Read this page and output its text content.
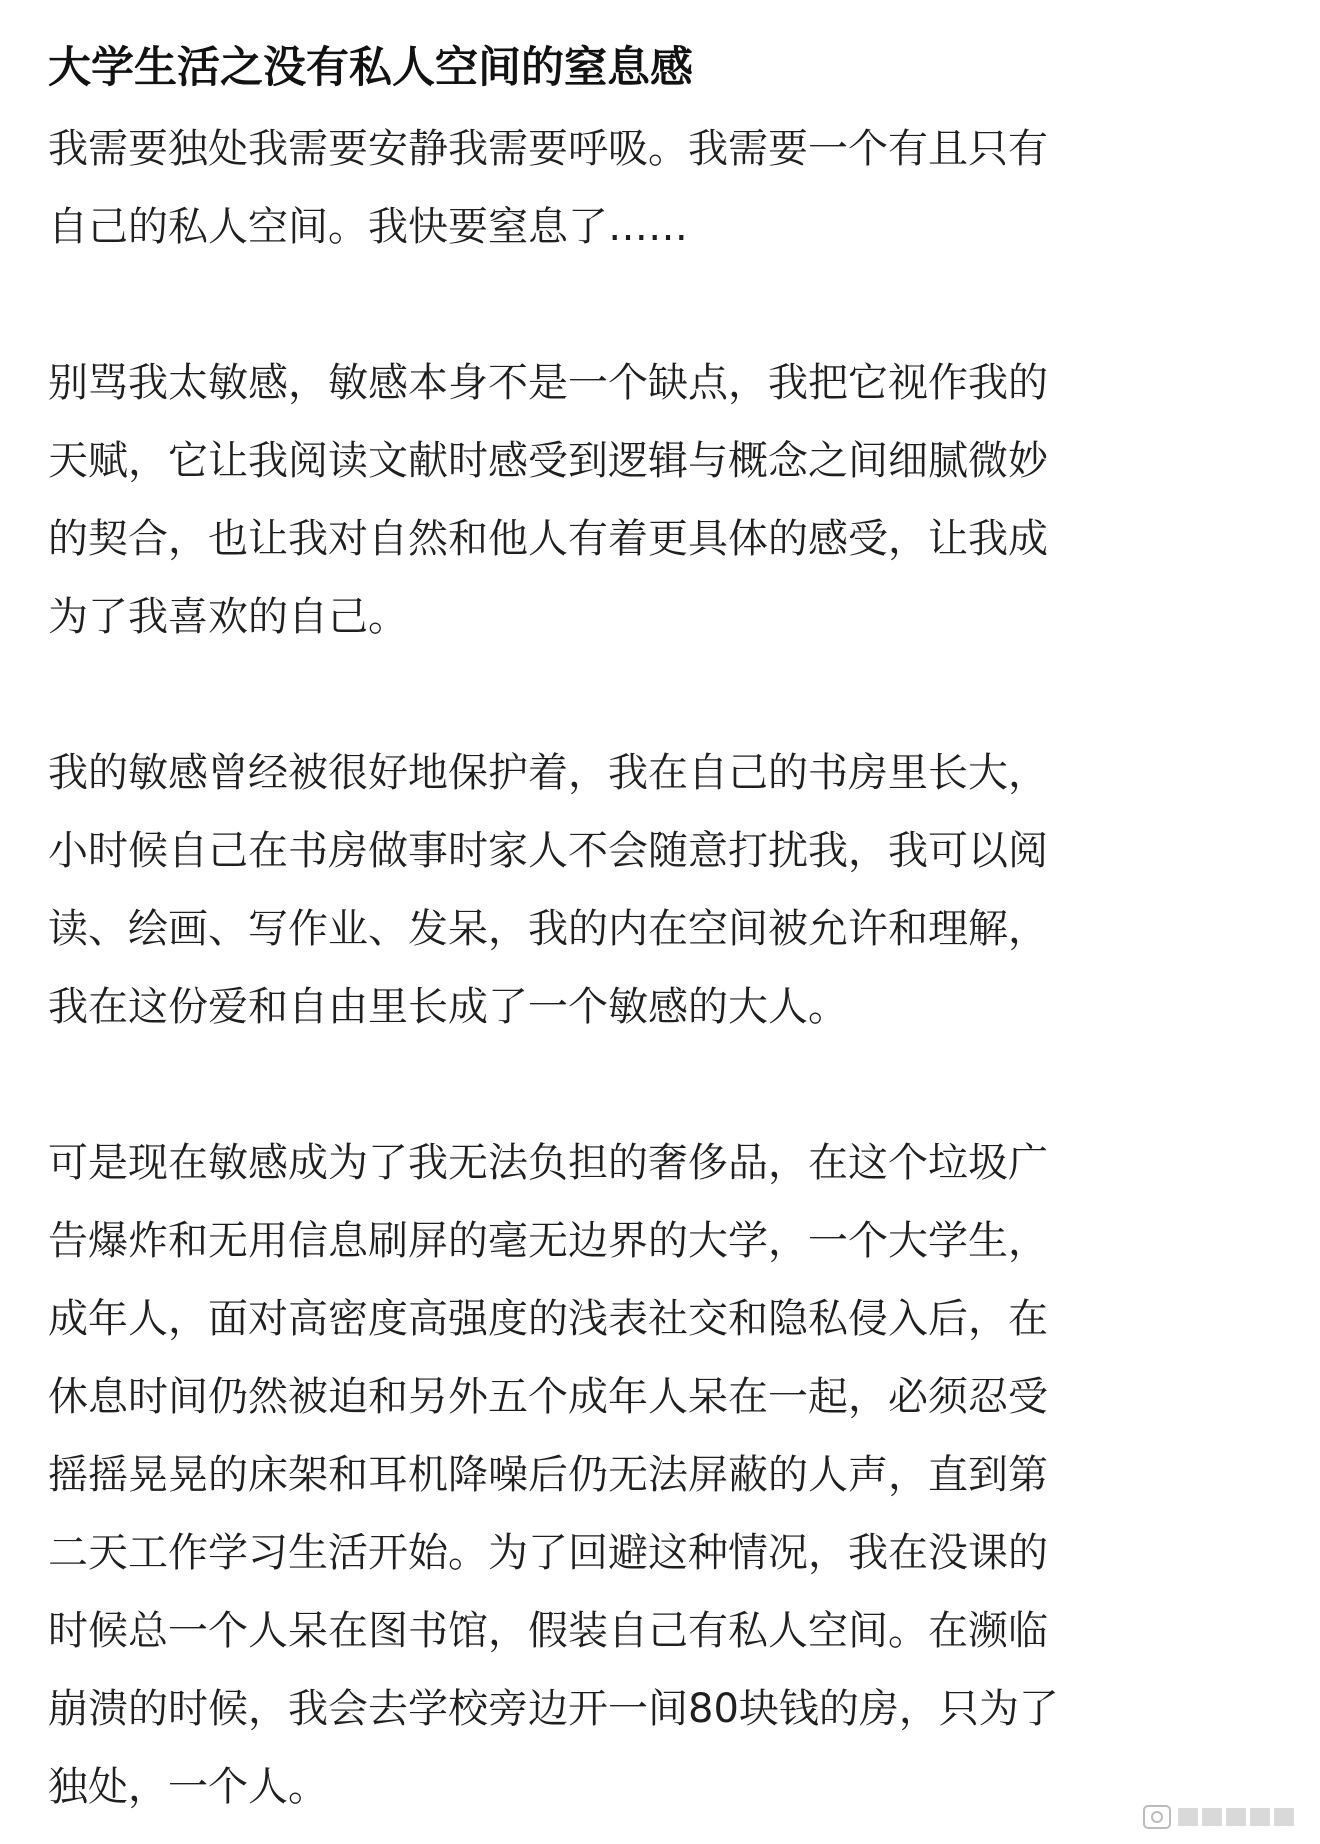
大学生活之没有私人空间的窒息感
我需要独处我需要安静我需要呼吸。我需要一个有且只有
自己的私人空间。我快要窒息了……
别骂我太敏感，敏感本身不是一个缺点，我把它视作我的
天赋，它让我阅读文献时感受到逻辑与概念之间细腻微妙
的契合，也让我对自然和他人有着更具体的感受，让我成
为了我喜欢的自己。
我的敏感曾经被很好地保护着，我在自己的书房里长大，
小时候自己在书房做事时家人不会随意打扰我，我可以阅
读、绘画、写作业、发呆，我的内在空间被允许和理解，
我在这份爱和自由里长成了一个敏感的大人。
可是现在敏感成为了我无法负担的奢侈品，在这个垃圾广
告爆炸和无用信息刷屏的毫无边界的大学，一个大学生，
成年人，面对高密度高强度的浅表社交和隐私侵入后，在
休息时间仍然被迫和另外五个成年人呆在一起，必须忍受
摇摇晃晃的床架和耳机降噪后仍无法屏蔽的人声，直到第
二天工作学习生活开始。为了回避这种情况，我在没课的
时候总一个人呆在图书馆，假装自己有私人空间。在濒临
崩溃的时候，我会去学校旁边开一间80块钱的房，只为了
独处，一个人。
